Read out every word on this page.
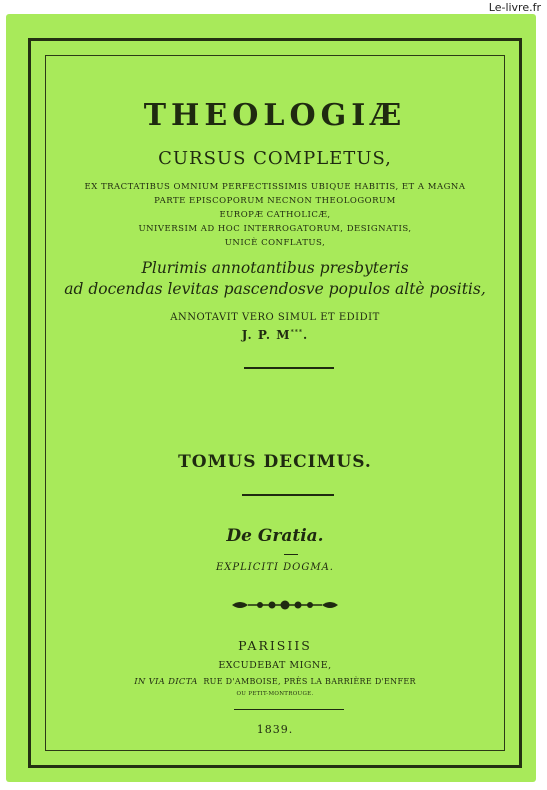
Le-livre.fr
THEOLOGIÆ
CURSUS COMPLETUS,
EX TRACTATIBUS OMNIUM PERFECTISSIMIS UBIQUE HABITIS, ET A MAGNA
PARTE EPISCOPORUM NECNON THEOLOGORUM
EUROPÆ CATHOLICÆ,
UNIVERSIM AD HOC INTERROGATORUM, DESIGNATIS,
UNICÈ CONFLATUS,
Plurimis annotantibus presbyteris
ad docendas levitas pascendosve populos altè positis,
ANNOTAVIT VERO SIMUL ET EDIDIT
J. P. M***.
TOMUS DECIMUS.
De Gratia.
EXPLICITI DOGMA.
PARISIIS
EXCUDEBAT MIGNE,
IN VIA DICTA RUE D'AMBOISE, PRÈS LA BARRIÈRE D'ENFER
OU PETIT-MONTROUGE.
1839.
